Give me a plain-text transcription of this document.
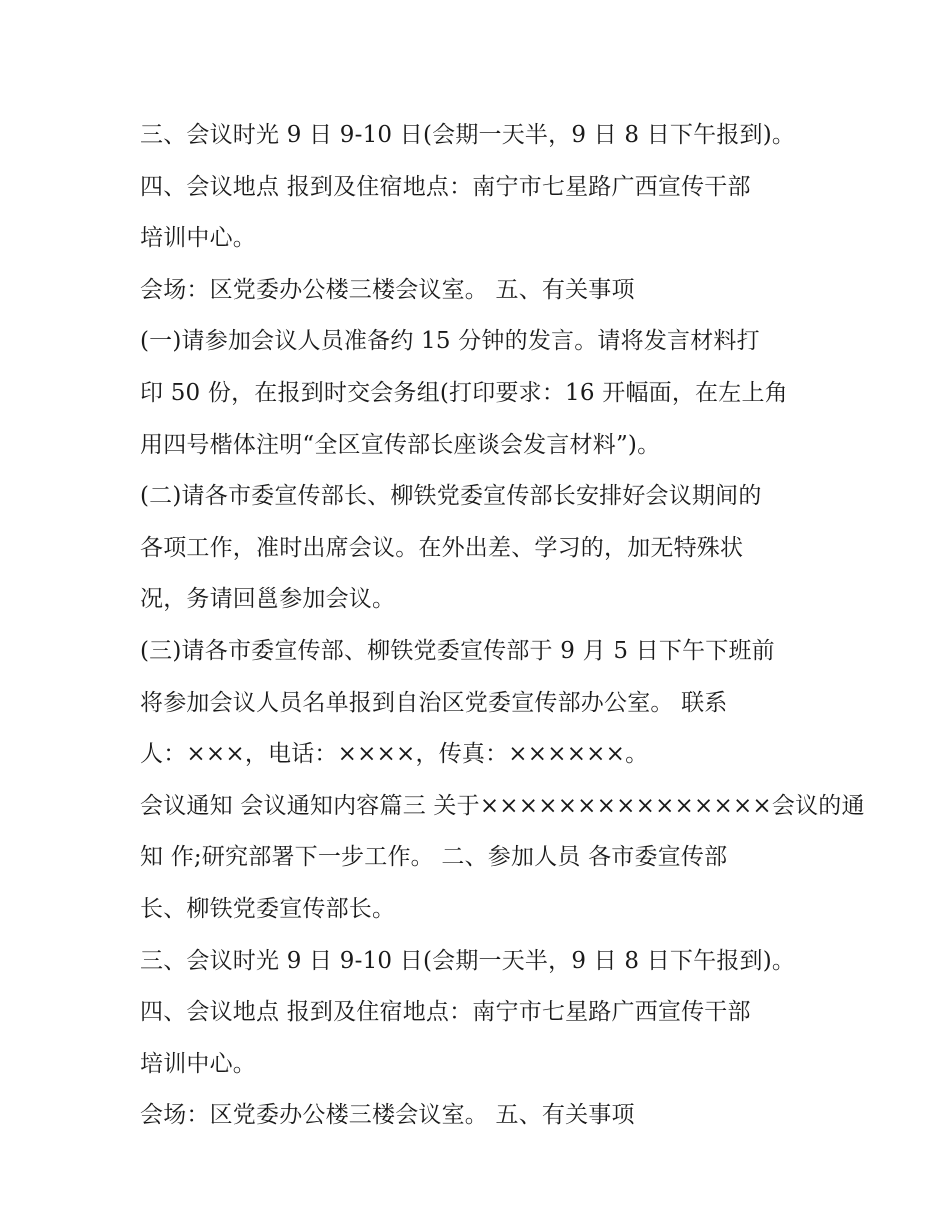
三、会议时光 9 日 9-10 日(会期一天半，9 日 8 日下午报到)。
四、会议地点 报到及住宿地点：南宁市七星路广西宣传干部
培训中心。
会场：区党委办公楼三楼会议室。 五、有关事项
(一)请参加会议人员准备约 15 分钟的发言。请将发言材料打
印 50 份，在报到时交会务组(打印要求：16 开幅面，在左上角
用四号楷体注明“全区宣传部长座谈会发言材料”)。
(二)请各市委宣传部长、柳铁党委宣传部长安排好会议期间的
各项工作，准时出席会议。在外出差、学习的，加无特殊状
况，务请回邕参加会议。
(三)请各市委宣传部、柳铁党委宣传部于 9 月 5 日下午下班前
将参加会议人员名单报到自治区党委宣传部办公室。 联系
人：×××，电话：××××，传真：××××××。
会议通知 会议通知内容篇三 关于×××××××××××××××会议的通
知 作;研究部署下一步工作。 二、参加人员 各市委宣传部
长、柳铁党委宣传部长。
三、会议时光 9 日 9-10 日(会期一天半，9 日 8 日下午报到)。
四、会议地点 报到及住宿地点：南宁市七星路广西宣传干部
培训中心。
会场：区党委办公楼三楼会议室。 五、有关事项
